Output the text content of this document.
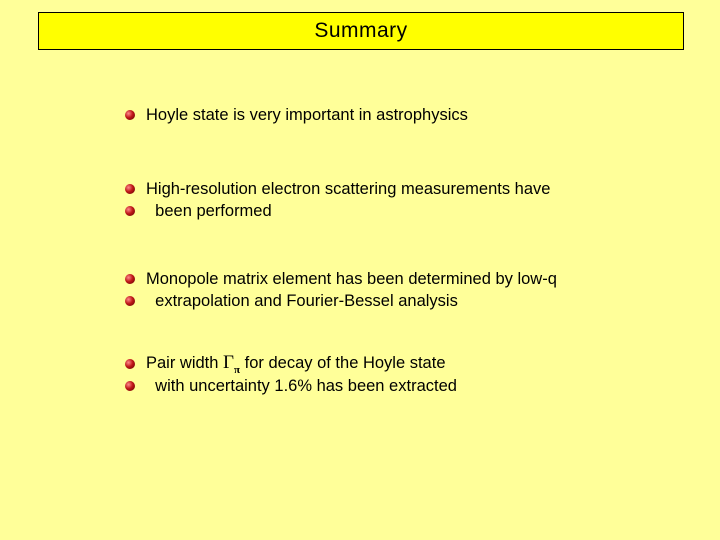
Summary
Hoyle state is very important in astrophysics
High-resolution electron scattering measurements have
been performed
Monopole matrix element has been determined by low-q
extrapolation and Fourier-Bessel analysis
Pair width $\Gamma_\pi$ for decay of the Hoyle state
with uncertainty 1.6% has been extracted
